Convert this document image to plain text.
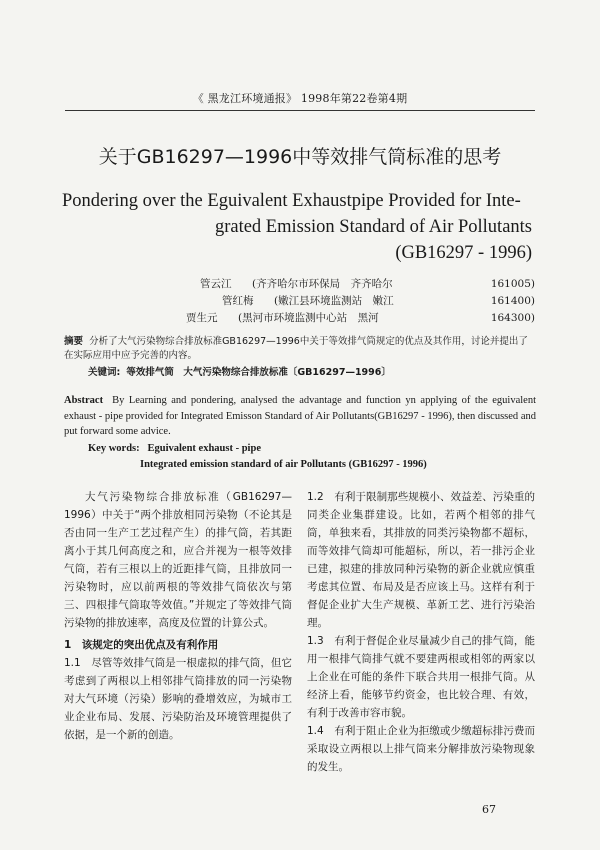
《 黑龙江环境通报》 1998年第22卷第4期
关于GB16297—1996中等效排气筒标准的思考
Pondering over the Eguivalent Exhaustpipe Provided for Inte-
grated Emission Standard of Air Pollutants
(GB16297 - 1996)
管云江	(齐齐哈尔市环保局　齐齐哈尔	161005)
管红梅	(嫩江县环境监测站　嫩江	161400)
贾生元	(黑河市环境监测中心站　黑河	164300)
摘要 分析了大气污染物综合排放标准GB16297—1996中关于等效排气筒规定的优点及其作用，讨论并提出了在实际应用中应予完善的内容。
关键词: 等效排气筒　大气污染物综合排放标准〔GB16297—1996〕
Abstract By Learning and pondering, analysed the advantage and function yn applying of the eguivalent exhaust - pipe provided for Integrated Emisson Standard of Air Pollutants(GB16297 - 1996), then discussed and put forward some advice.
Key words: Eguivalent exhaust - pipe
Integrated emission standard of air Pollutants (GB16297 - 1996)

大气污染物综合排放标准（GB16297—1996）中关于“两个排放相同污染物（不论其是否由同一生产工艺过程产生）的排气筒，若其距离小于其几何高度之和，应合并视为一根等效排气筒，若有三根以上的近距排气筒，且排放同一污染物时，应以前两根的等效排气筒依次与第三、四根排气筒取等效值。”并规定了等效排气筒污染物的排放速率，高度及位置的计算公式。

1　该规定的突出优点及有利作用

1.1　尽管等效排气筒是一根虚拟的排气筒，但它考虑到了两根以上相邻排气筒排放的同一污染物对大气环境（污染）影响的叠增效应，为城市工业企业布局、发展、污染防治及环境管理提供了依据，是一个新的创造。

1.2　有利于限制那些规模小、效益差、污染重的同类企业集群建设。比如，若两个相邻的排气筒，单独来看，其排放的同类污染物都不超标，而等效排气筒却可能超标，所以，若一排污企业已建，拟建的排放同种污染物的新企业就应慎重考虑其位置、布局及是否应该上马。这样有利于督促企业扩大生产规模、革新工艺、进行污染治理。

1.3　有利于督促企业尽量减少自己的排气筒，能用一根排气筒排气就不要建两根或相邻的两家以上企业在可能的条件下联合共用一根排气筒。从经济上看，能够节约资金，也比较合理、有效，有利于改善市容市貌。

1.4　有利于阻止企业为拒缴或少缴超标排污费而采取设立两根以上排气筒来分解排放污染物现象的发生。

67
